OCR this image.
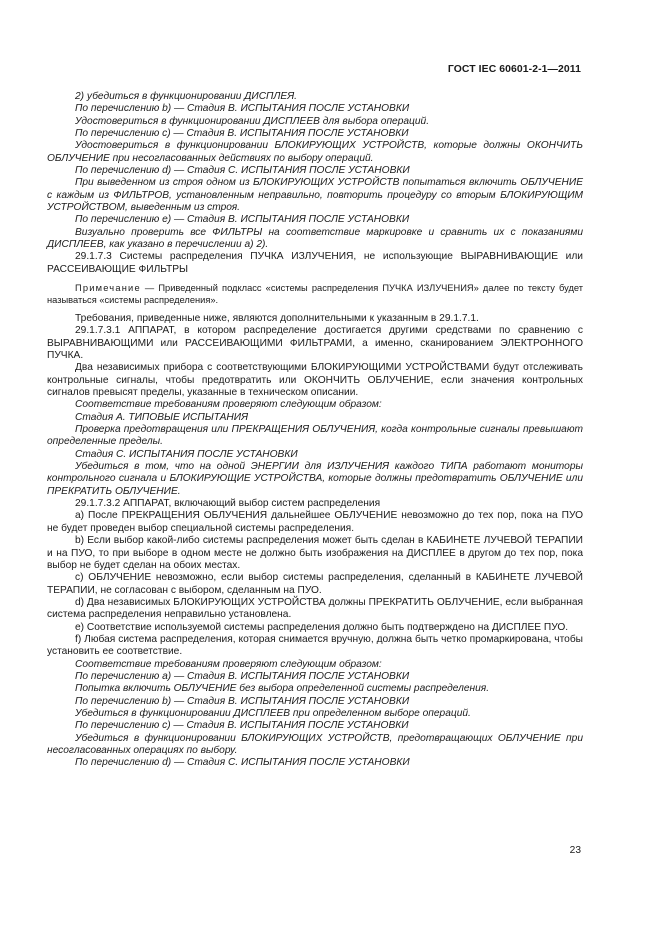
ГОСТ IEC 60601-2-1—2011

2) убедиться в функционировании ДИСПЛЕЯ.

По перечислению b) — Стадия В. ИСПЫТАНИЯ ПОСЛЕ УСТАНОВКИ

Удостовериться в функционировании ДИСПЛЕЕВ для выбора операций.

По перечислению c) — Стадия В. ИСПЫТАНИЯ ПОСЛЕ УСТАНОВКИ

Удостовериться в функционировании БЛОКИРУЮЩИХ УСТРОЙСТВ, которые должны ОКОНЧИТЬ ОБЛУЧЕНИЕ при несогласованных действиях по выбору операций.

По перечислению d) — Стадия С. ИСПЫТАНИЯ ПОСЛЕ УСТАНОВКИ

При выведенном из строя одном из БЛОКИРУЮЩИХ УСТРОЙСТВ попытаться включить ОБЛУЧЕНИЕ с каждым из ФИЛЬТРОВ, установленным неправильно, повторить процедуру со вторым БЛОКИРУЮЩИМ УСТРОЙСТВОМ, выведенным из строя.

По перечислению е) — Стадия В. ИСПЫТАНИЯ ПОСЛЕ УСТАНОВКИ

Визуально проверить все ФИЛЬТРЫ на соответствие маркировке и сравнить их с показаниями ДИСПЛЕЕВ, как указано в перечислении а) 2).

29.1.7.3 Системы распределения ПУЧКА ИЗЛУЧЕНИЯ, не использующие ВЫРАВНИВАЮЩИЕ или РАССЕИВАЮЩИЕ ФИЛЬТРЫ

Примечание — Приведенный подкласс «системы распределения ПУЧКА ИЗЛУЧЕНИЯ» далее по тексту будет называться «системы распределения».

Требования, приведенные ниже, являются дополнительными к указанным в 29.1.7.1.

29.1.7.3.1 АППАРАТ, в котором распределение достигается другими средствами по сравнению с ВЫРАВНИВАЮЩИМИ или РАССЕИВАЮЩИМИ ФИЛЬТРАМИ, а именно, сканированием ЭЛЕКТРОННОГО ПУЧКА.

Два независимых прибора с соответствующими БЛОКИРУЮЩИМИ УСТРОЙСТВАМИ будут отслеживать контрольные сигналы, чтобы предотвратить или ОКОНЧИТЬ ОБЛУЧЕНИЕ, если значения контрольных сигналов превысят пределы, указанные в техническом описании.

Соответствие требованиям проверяют следующим образом:

Стадия А. ТИПОВЫЕ ИСПЫТАНИЯ

Проверка предотвращения или ПРЕКРАЩЕНИЯ ОБЛУЧЕНИЯ, когда контрольные сигналы превышают определенные пределы.

Стадия С. ИСПЫТАНИЯ ПОСЛЕ УСТАНОВКИ

Убедиться в том, что на одной ЭНЕРГИИ для ИЗЛУЧЕНИЯ каждого ТИПА работают мониторы контрольного сигнала и БЛОКИРУЮЩИЕ УСТРОЙСТВА, которые должны предотвратить ОБЛУЧЕНИЕ или ПРЕКРАТИТЬ ОБЛУЧЕНИЕ.

29.1.7.3.2 АППАРАТ, включающий выбор систем распределения

а) После ПРЕКРАЩЕНИЯ ОБЛУЧЕНИЯ дальнейшее ОБЛУЧЕНИЕ невозможно до тех пор, пока на ПУО не будет проведен выбор специальной системы распределения.

b) Если выбор какой-либо системы распределения может быть сделан в КАБИНЕТЕ ЛУЧЕВОЙ ТЕРАПИИ и на ПУО, то при выборе в одном месте не должно быть изображения на ДИСПЛЕЕ в другом до тех пор, пока выбор не будет сделан на обоих местах.

с) ОБЛУЧЕНИЕ невозможно, если выбор системы распределения, сделанный в КАБИНЕТЕ ЛУЧЕВОЙ ТЕРАПИИ, не согласован с выбором, сделанным на ПУО.

d) Два независимых БЛОКИРУЮЩИХ УСТРОЙСТВА должны ПРЕКРАТИТЬ ОБЛУЧЕНИЕ, если выбранная система распределения неправильно установлена.

е) Соответствие используемой системы распределения должно быть подтверждено на ДИСПЛЕЕ ПУО.

f) Любая система распределения, которая снимается вручную, должна быть четко промаркирована, чтобы установить ее соответствие.

Соответствие требованиям проверяют следующим образом:

По перечислению а) — Стадия В. ИСПЫТАНИЯ ПОСЛЕ УСТАНОВКИ

Попытка включить ОБЛУЧЕНИЕ без выбора определенной системы распределения.

По перечислению b) — Стадия В. ИСПЫТАНИЯ ПОСЛЕ УСТАНОВКИ

Убедиться в функционировании ДИСПЛЕЕВ при определенном выборе операций.

По перечислению с) — Стадия В. ИСПЫТАНИЯ ПОСЛЕ УСТАНОВКИ

Убедиться в функционировании БЛОКИРУЮЩИХ УСТРОЙСТВ, предотвращающих ОБЛУЧЕНИЕ при несогласованных операциях по выбору.

По перечислению d) — Стадия С. ИСПЫТАНИЯ ПОСЛЕ УСТАНОВКИ

23
